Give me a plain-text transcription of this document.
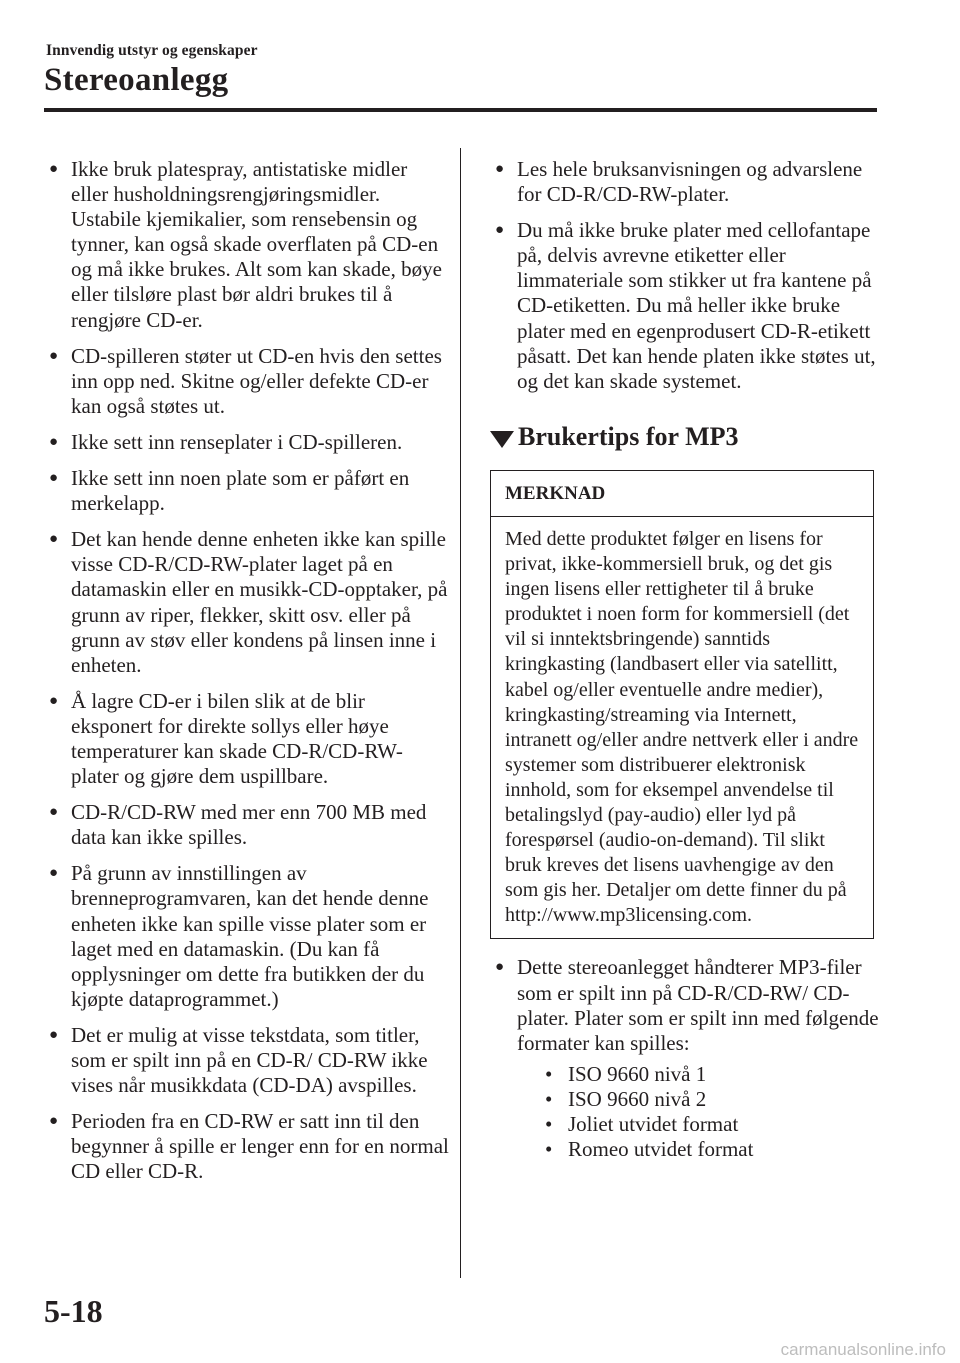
Innvendig utstyr og egenskaper
Stereoanlegg
● Ikke bruk platespray, antistatiske midler eller husholdningsrengjøringsmidler. Ustabile kjemikalier, som rensebensin og tynner, kan også skade overflaten på CD-en og må ikke brukes. Alt som kan skade, bøye eller tilsløre plast bør aldri brukes til å rengjøre CD-er.
● CD-spilleren støter ut CD-en hvis den settes inn opp ned. Skitne og/eller defekte CD-er kan også støtes ut.
● Ikke sett inn renseplater i CD-spilleren.
● Ikke sett inn noen plate som er påført en merkelapp.
● Det kan hende denne enheten ikke kan spille visse CD-R/CD-RW-plater laget på en datamaskin eller en musikk-CD-opptaker, på grunn av riper, flekker, skitt osv. eller på grunn av støv eller kondens på linsen inne i enheten.
● Å lagre CD-er i bilen slik at de blir eksponert for direkte sollys eller høye temperaturer kan skade CD-R/CD-RW-plater og gjøre dem uspillbare.
● CD-R/CD-RW med mer enn 700 MB med data kan ikke spilles.
● På grunn av innstillingen av brenneprogramvaren, kan det hende denne enheten ikke kan spille visse plater som er laget med en datamaskin. (Du kan få opplysninger om dette fra butikken der du kjøpte dataprogrammet.)
● Det er mulig at visse tekstdata, som titler, som er spilt inn på en CD-R/ CD-RW ikke vises når musikkdata (CD-DA) avspilles.
● Perioden fra en CD-RW er satt inn til den begynner å spille er lenger enn for en normal CD eller CD-R.
● Les hele bruksanvisningen og advarslene for CD-R/CD-RW-plater.
● Du må ikke bruke plater med cellofantape på, delvis avrevne etiketter eller limmateriale som stikker ut fra kantene på CD-etiketten. Du må heller ikke bruke plater med en egenprodusert CD-R-etikett påsatt. Det kan hende platen ikke støtes ut, og det kan skade systemet.
Brukertips for MP3
MERKNAD
Med dette produktet følger en lisens for privat, ikke-kommersiell bruk, og det gis ingen lisens eller rettigheter til å bruke produktet i noen form for kommersiell (det vil si inntektsbringende) sanntids kringkasting (landbasert eller via satellitt, kabel og/eller eventuelle andre medier), kringkasting/streaming via Internett, intranett og/eller andre nettverk eller i andre systemer som distribuerer elektronisk innhold, som for eksempel anvendelse til betalingslyd (pay-audio) eller lyd på forespørsel (audio-on-demand). Til slikt bruk kreves det lisens uavhengige av den som gis her. Detaljer om dette finner du på http://www.mp3licensing.com.
● Dette stereoanlegget håndterer MP3-filer som er spilt inn på CD-R/CD-RW/ CD-plater. Plater som er spilt inn med følgende formater kan spilles:
• ISO 9660 nivå 1
• ISO 9660 nivå 2
• Joliet utvidet format
• Romeo utvidet format
5-18
carmanualsonline.info
